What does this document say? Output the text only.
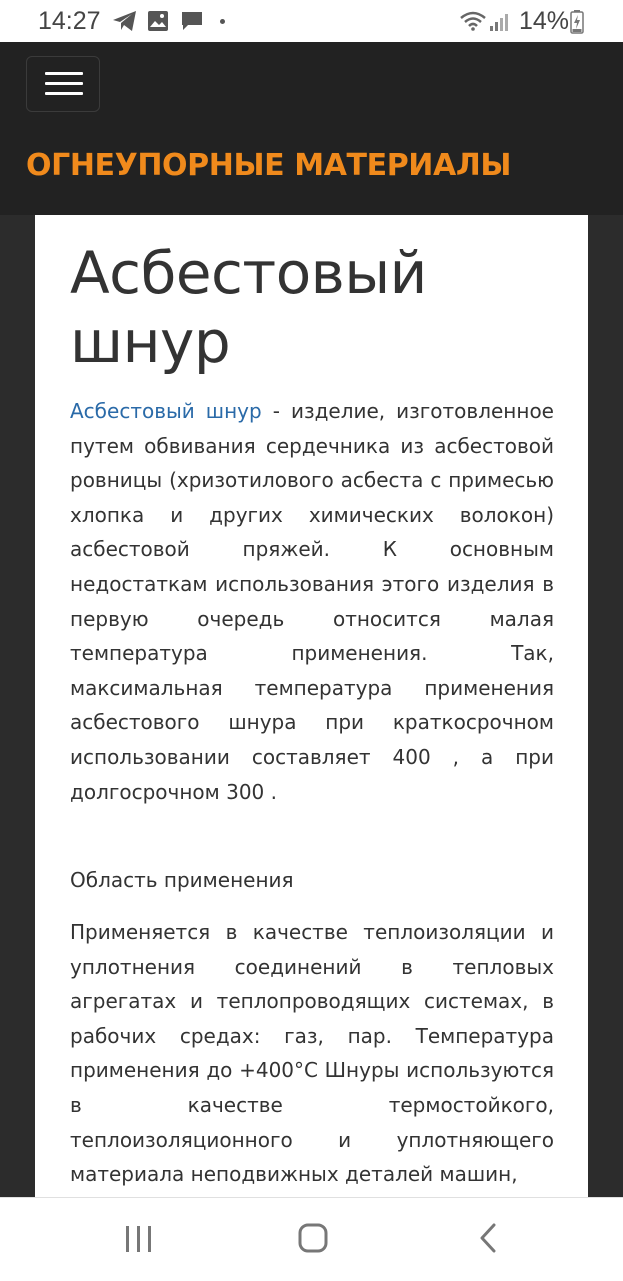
14:27	14%
ОГНЕУПОРНЫЕ МАТЕРИАЛЫ
Асбестовый шнур

Асбестовый шнур - изделие, изготовленное путем обвивания сердечника из асбестовой ровницы (хризотилового асбеста с примесью хлопка и других химических волокон) асбестовой пряжей. К основным недостаткам использования этого изделия в первую очередь относится малая температура применения. Так, максимальная температура применения асбестового шнура при краткосрочном использовании составляет 400 , а при долгосрочном 300 .

Область применения

Применяется в качестве теплоизоляции и уплотнения соединений в тепловых агрегатах и теплопроводящих системах, в рабочих средах: газ, пар. Температура применения до +400°С Шнуры используются в качестве термостойкого, теплоизоляционного и уплотняющего материала неподвижных деталей машин,
